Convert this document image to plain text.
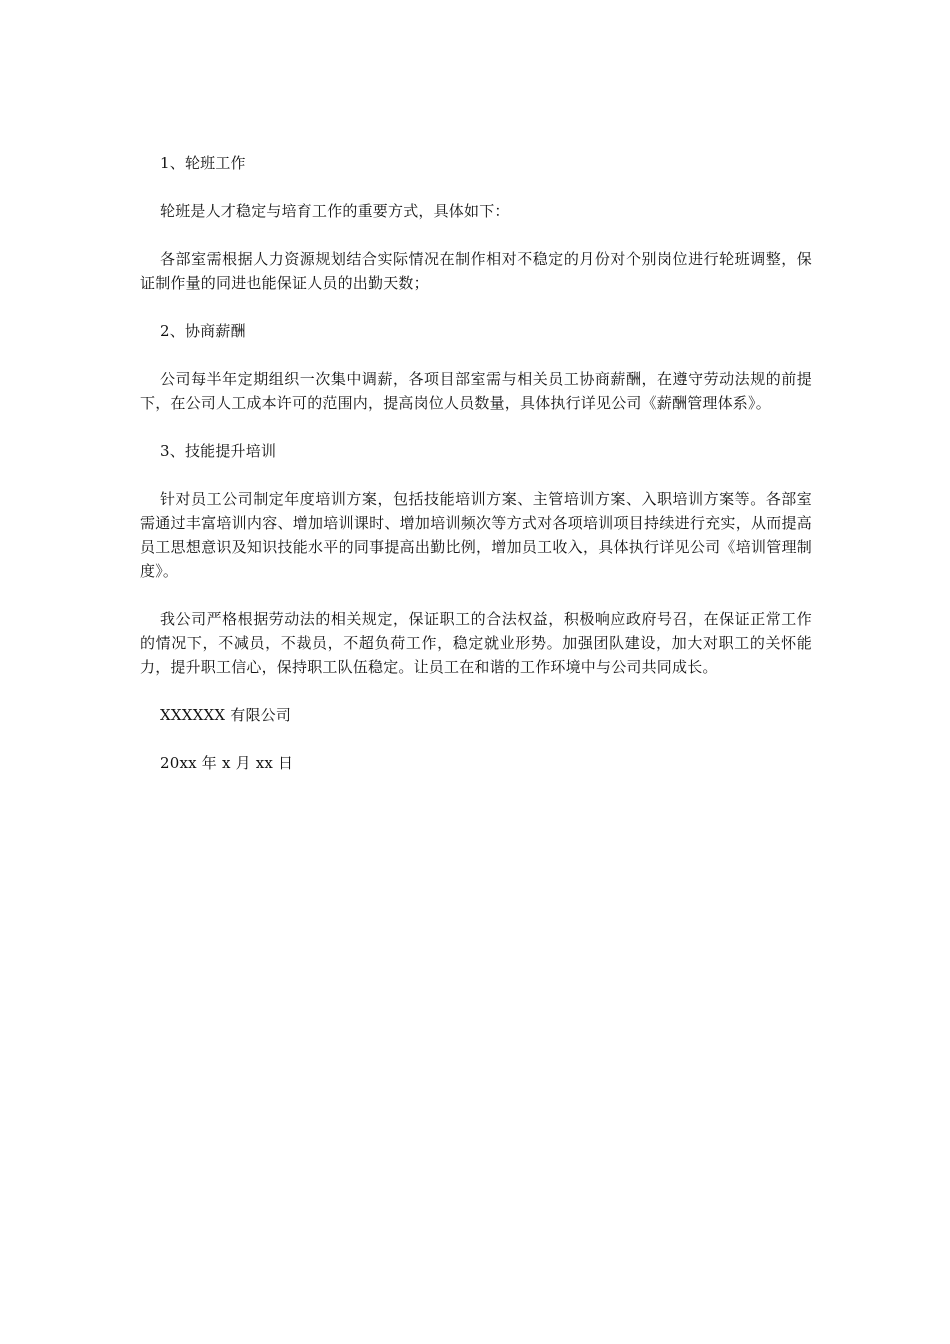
1、轮班工作

轮班是人才稳定与培育工作的重要方式，具体如下：

各部室需根据人力资源规划结合实际情况在制作相对不稳定的月份对个别岗位进行轮班调整，保证制作量的同进也能保证人员的出勤天数；

2、协商薪酬

公司每半年定期组织一次集中调薪，各项目部室需与相关员工协商薪酬，在遵守劳动法规的前提下，在公司人工成本许可的范围内，提高岗位人员数量，具体执行详见公司《薪酬管理体系》。

3、技能提升培训

针对员工公司制定年度培训方案，包括技能培训方案、主管培训方案、入职培训方案等。各部室需通过丰富培训内容、增加培训课时、增加培训频次等方式对各项培训项目持续进行充实，从而提高员工思想意识及知识技能水平的同事提高出勤比例，增加员工收入，具体执行详见公司《培训管理制度》。

我公司严格根据劳动法的相关规定，保证职工的合法权益，积极响应政府号召，在保证正常工作的情况下，不减员，不裁员，不超负荷工作，稳定就业形势。加强团队建设，加大对职工的关怀能力，提升职工信心，保持职工队伍稳定。让员工在和谐的工作环境中与公司共同成长。

XXXXXX 有限公司

20xx 年 x 月 xx 日
